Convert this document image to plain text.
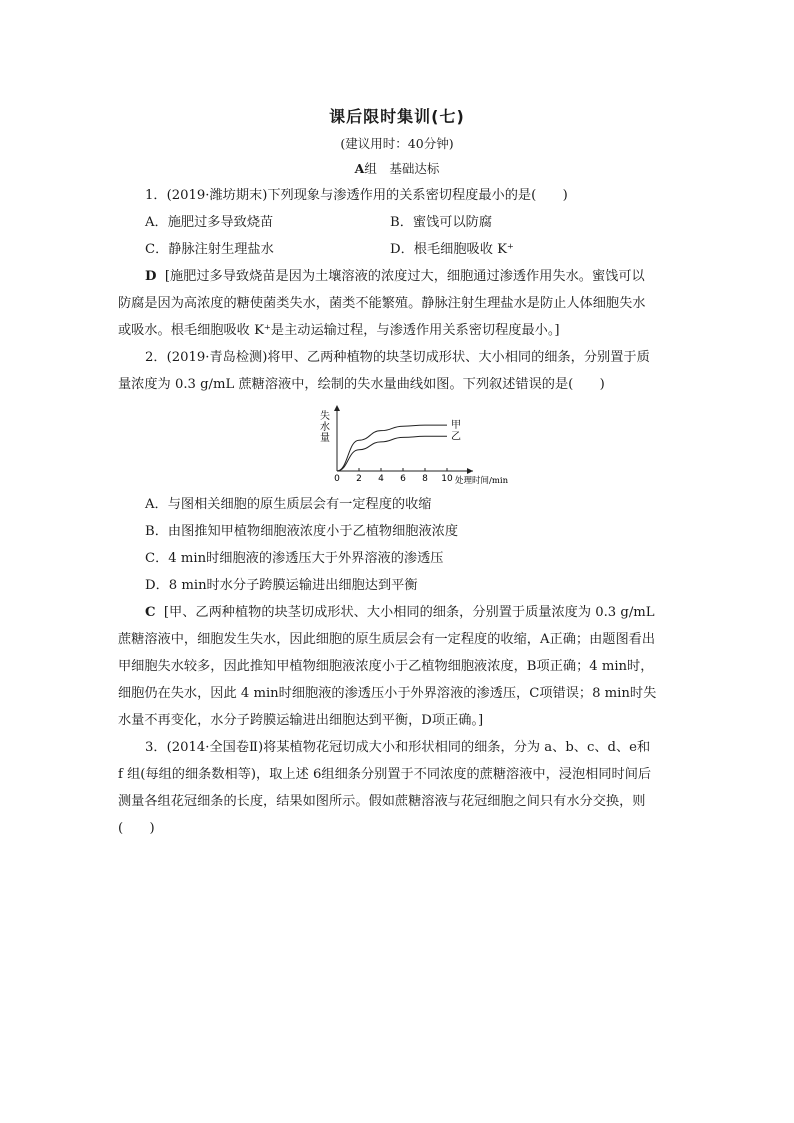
课后限时集训(七)
(建议用时：40分钟)
A组　基础达标
1．(2019·潍坊期末)下列现象与渗透作用的关系密切程度最小的是(　　)
A．施肥过多导致烧苗	B．蜜饯可以防腐
C．静脉注射生理盐水	D．根毛细胞吸收 K⁺
D [施肥过多导致烧苗是因为土壤溶液的浓度过大，细胞通过渗透作用失水。蜜饯可以
防腐是因为高浓度的糖使菌类失水，菌类不能繁殖。静脉注射生理盐水是防止人体细胞失水
或吸水。根毛细胞吸收 K⁺是主动运输过程，与渗透作用关系密切程度最小。]
2．(2019·青岛检测)将甲、乙两种植物的块茎切成形状、大小相同的细条，分别置于质
量浓度为 0.3 g/mL 蔗糖溶液中，绘制的失水量曲线如图。下列叙述错误的是(　　)
失
水
量
0 2 4 6 8 10 处理时间/min
甲
乙
A．与图相关细胞的原生质层会有一定程度的收缩
B．由图推知甲植物细胞液浓度小于乙植物细胞液浓度
C．4 min时细胞液的渗透压大于外界溶液的渗透压
D．8 min时水分子跨膜运输进出细胞达到平衡
C [甲、乙两种植物的块茎切成形状、大小相同的细条，分别置于质量浓度为 0.3 g/mL
蔗糖溶液中，细胞发生失水，因此细胞的原生质层会有一定程度的收缩，A正确；由题图看出
甲细胞失水较多，因此推知甲植物细胞液浓度小于乙植物细胞液浓度，B项正确；4 min时，
细胞仍在失水，因此 4 min时细胞液的渗透压小于外界溶液的渗透压，C项错误；8 min时失
水量不再变化，水分子跨膜运输进出细胞达到平衡，D项正确。]
3．(2014·全国卷Ⅱ)将某植物花冠切成大小和形状相同的细条，分为 a、b、c、d、e和
f 组(每组的细条数相等)，取上述 6组细条分别置于不同浓度的蔗糖溶液中，浸泡相同时间后
测量各组花冠细条的长度，结果如图所示。假如蔗糖溶液与花冠细胞之间只有水分交换，则
(　　)
